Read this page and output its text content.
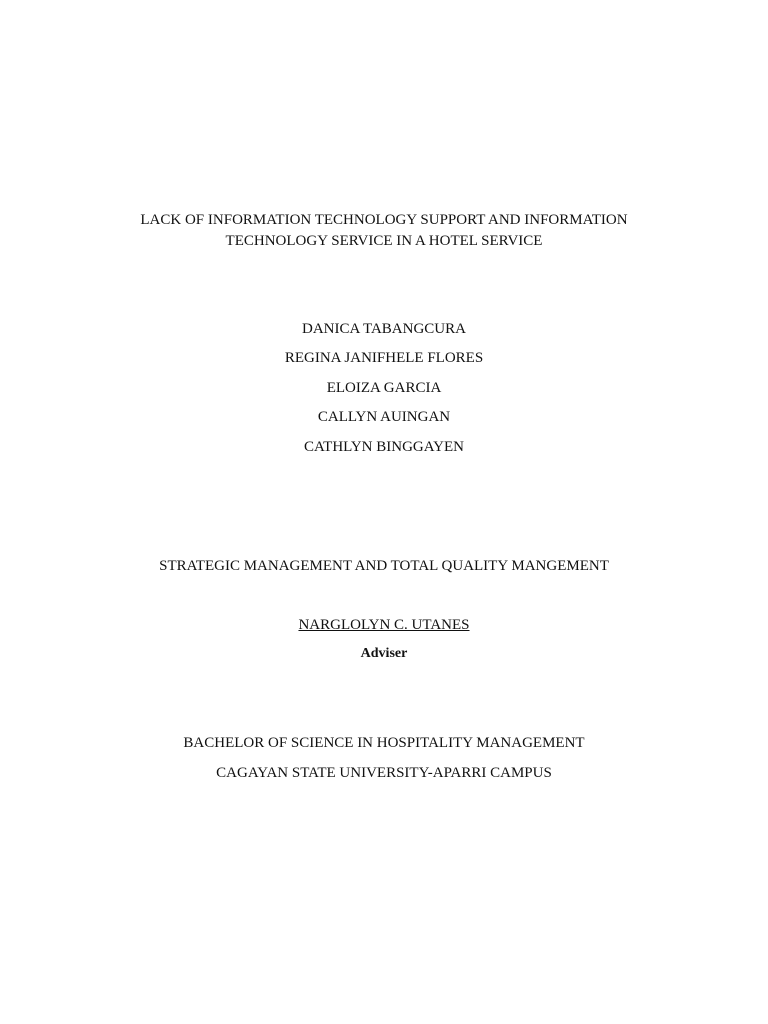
LACK OF INFORMATION TECHNOLOGY SUPPORT AND INFORMATION
TECHNOLOGY SERVICE IN A HOTEL SERVICE
DANICA TABANGCURA
REGINA JANIFHELE FLORES
ELOIZA GARCIA
CALLYN AUINGAN
CATHLYN BINGGAYEN
STRATEGIC MANAGEMENT AND TOTAL QUALITY MANGEMENT
NARGLOLYN C. UTANES
Adviser
BACHELOR OF SCIENCE IN HOSPITALITY MANAGEMENT
CAGAYAN STATE UNIVERSITY-APARRI CAMPUS
